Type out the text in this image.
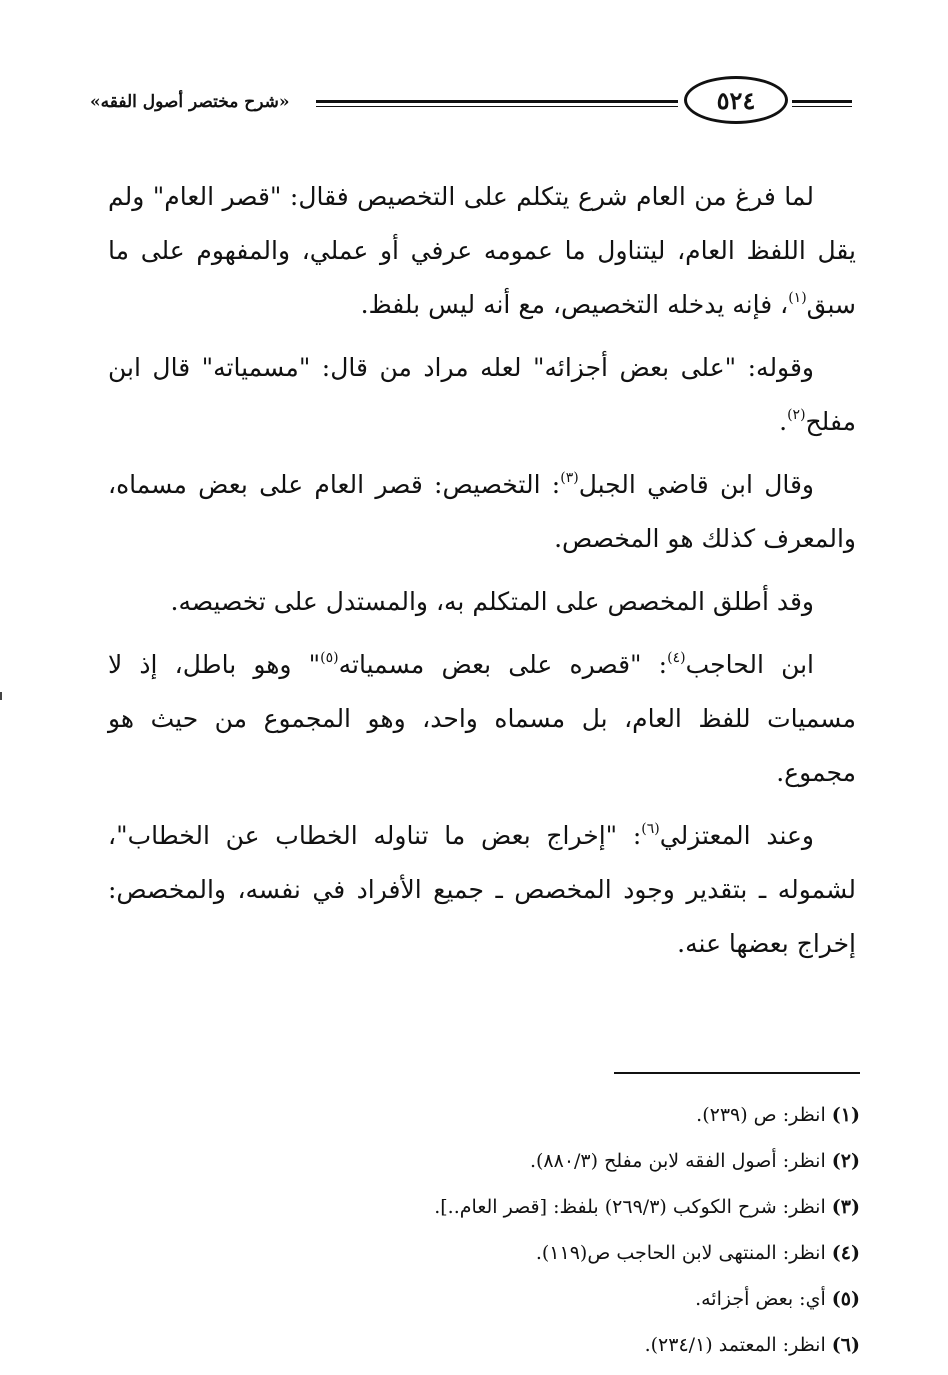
«شرح مختصر أصول الفقه»	٥٢٤

لما فرغ من العام شرع يتكلم على التخصيص فقال: "قصر العام" ولم يقل اللفظ العام، ليتناول ما عمومه عرفي أو عملي، والمفهوم على ما سبق$^{(١)}$، فإنه يدخله التخصيص، مع أنه ليس بلفظ.

وقوله: "على بعض أجزائه" لعله مراد من قال: "مسمياته" قال ابن مفلح$^{(٢)}$.

وقال ابن قاضي الجبل$^{(٣)}$: التخصيص: قصر العام على بعض مسماه، والمعرف كذلك هو المخصص.

وقد أطلق المخصص على المتكلم به، والمستدل على تخصيصه.

ابن الحاجب$^{(٤)}$: "قصره على بعض مسمياته$^{(٥)}$" وهو باطل، إذ لا مسميات للفظ العام، بل مسماه واحد، وهو المجموع من حيث هو مجموع.

وعند المعتزلي$^{(٦)}$: "إخراج بعض ما تناوله الخطاب عن الخطاب"، لشموله ـ بتقدير وجود المخصص ـ جميع الأفراد في نفسه، والمخصص: إخراج بعضها عنه.

(١) انظر: ص (٢٣٩).
(٢) انظر: أصول الفقه لابن مفلح (٨٨٠/٣).
(٣) انظر: شرح الكوكب (٢٦٩/٣) بلفظ: [قصر العام..].
(٤) انظر: المنتهى لابن الحاجب ص(١١٩).
(٥) أي: بعض أجزائه.
(٦) انظر: المعتمد (٢٣٤/١).
